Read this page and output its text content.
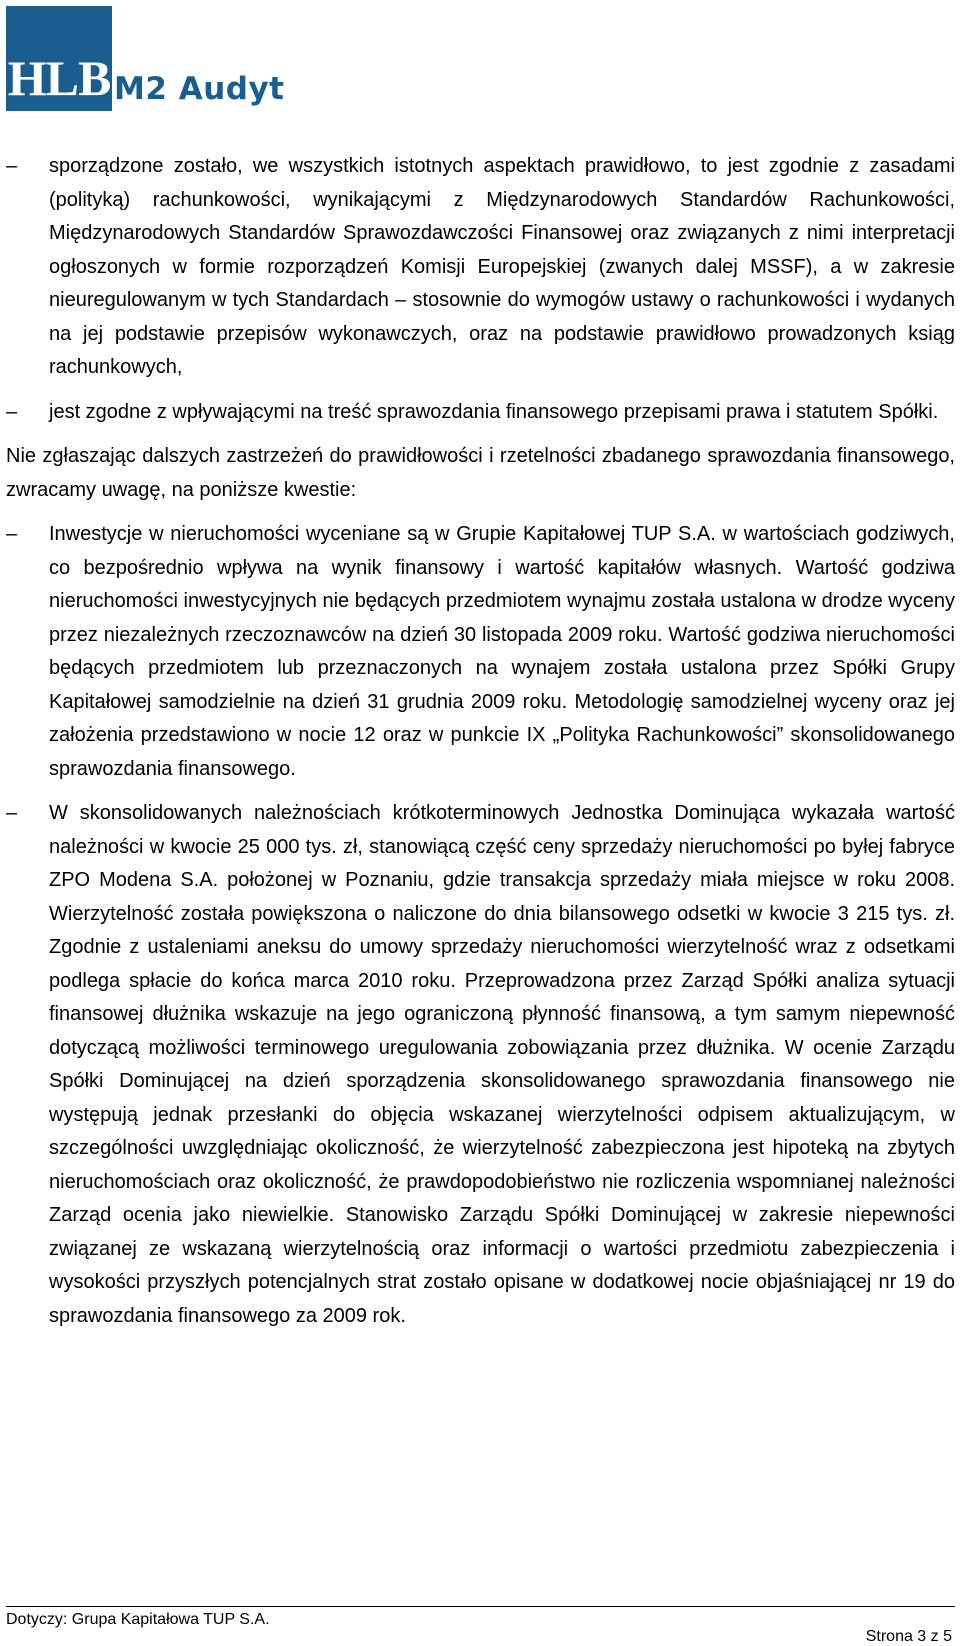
HLB M2 Audyt
– sporządzone zostało, we wszystkich istotnych aspektach prawidłowo, to jest zgodnie z zasadami (polityką) rachunkowości, wynikającymi z Międzynarodowych Standardów Rachunkowości, Międzynarodowych Standardów Sprawozdawczości Finansowej oraz związanych z nimi interpretacji ogłoszonych w formie rozporządzeń Komisji Europejskiej (zwanych dalej MSSF), a w zakresie nieuregulowanym w tych Standardach – stosownie do wymogów ustawy o rachunkowości i wydanych na jej podstawie przepisów wykonawczych, oraz na podstawie prawidłowo prowadzonych ksiąg rachunkowych,
– jest zgodne z wpływającymi na treść sprawozdania finansowego przepisami prawa i statutem Spółki.
Nie zgłaszając dalszych zastrzeżeń do prawidłowości i rzetelności zbadanego sprawozdania finansowego, zwracamy uwagę, na poniższe kwestie:
– Inwestycje w nieruchomości wyceniane są w Grupie Kapitałowej TUP S.A. w wartościach godziwych, co bezpośrednio wpływa na wynik finansowy i wartość kapitałów własnych. Wartość godziwa nieruchomości inwestycyjnych nie będących przedmiotem wynajmu została ustalona w drodze wyceny przez niezależnych rzeczoznawców na dzień 30 listopada 2009 roku. Wartość godziwa nieruchomości będących przedmiotem lub przeznaczonych na wynajem została ustalona przez Spółki Grupy Kapitałowej samodzielnie na dzień 31 grudnia 2009 roku. Metodologię samodzielnej wyceny oraz jej założenia przedstawiono w nocie 12 oraz w punkcie IX „Polityka Rachunkowości” skonsolidowanego sprawozdania finansowego.
– W skonsolidowanych należnościach krótkoterminowych Jednostka Dominująca wykazała wartość należności w kwocie 25 000 tys. zł, stanowiącą część ceny sprzedaży nieruchomości po byłej fabryce ZPO Modena S.A. położonej w Poznaniu, gdzie transakcja sprzedaży miała miejsce w roku 2008. Wierzytelność została powiększona o naliczone do dnia bilansowego odsetki w kwocie 3 215 tys. zł. Zgodnie z ustaleniami aneksu do umowy sprzedaży nieruchomości wierzytelność wraz z odsetkami podlega spłacie do końca marca 2010 roku. Przeprowadzona przez Zarząd Spółki analiza sytuacji finansowej dłużnika wskazuje na jego ograniczoną płynność finansową, a tym samym niepewność dotyczącą możliwości terminowego uregulowania zobowiązania przez dłużnika. W ocenie Zarządu Spółki Dominującej na dzień sporządzenia skonsolidowanego sprawozdania finansowego nie występują jednak przesłanki do objęcia wskazanej wierzytelności odpisem aktualizującym, w szczególności uwzględniając okoliczność, że wierzytelność zabezpieczona jest hipoteką na zbytych nieruchomościach oraz okoliczność, że prawdopodobieństwo nie rozliczenia wspomnianej należności Zarząd ocenia jako niewielkie. Stanowisko Zarządu Spółki Dominującej w zakresie niepewności związanej ze wskazaną wierzytelnością oraz informacji o wartości przedmiotu zabezpieczenia i wysokości przyszłych potencjalnych strat zostało opisane w dodatkowej nocie objaśniającej nr 19 do sprawozdania finansowego za 2009 rok.
Dotyczy: Grupa Kapitałowa TUP S.A.
Strona 3 z 5
